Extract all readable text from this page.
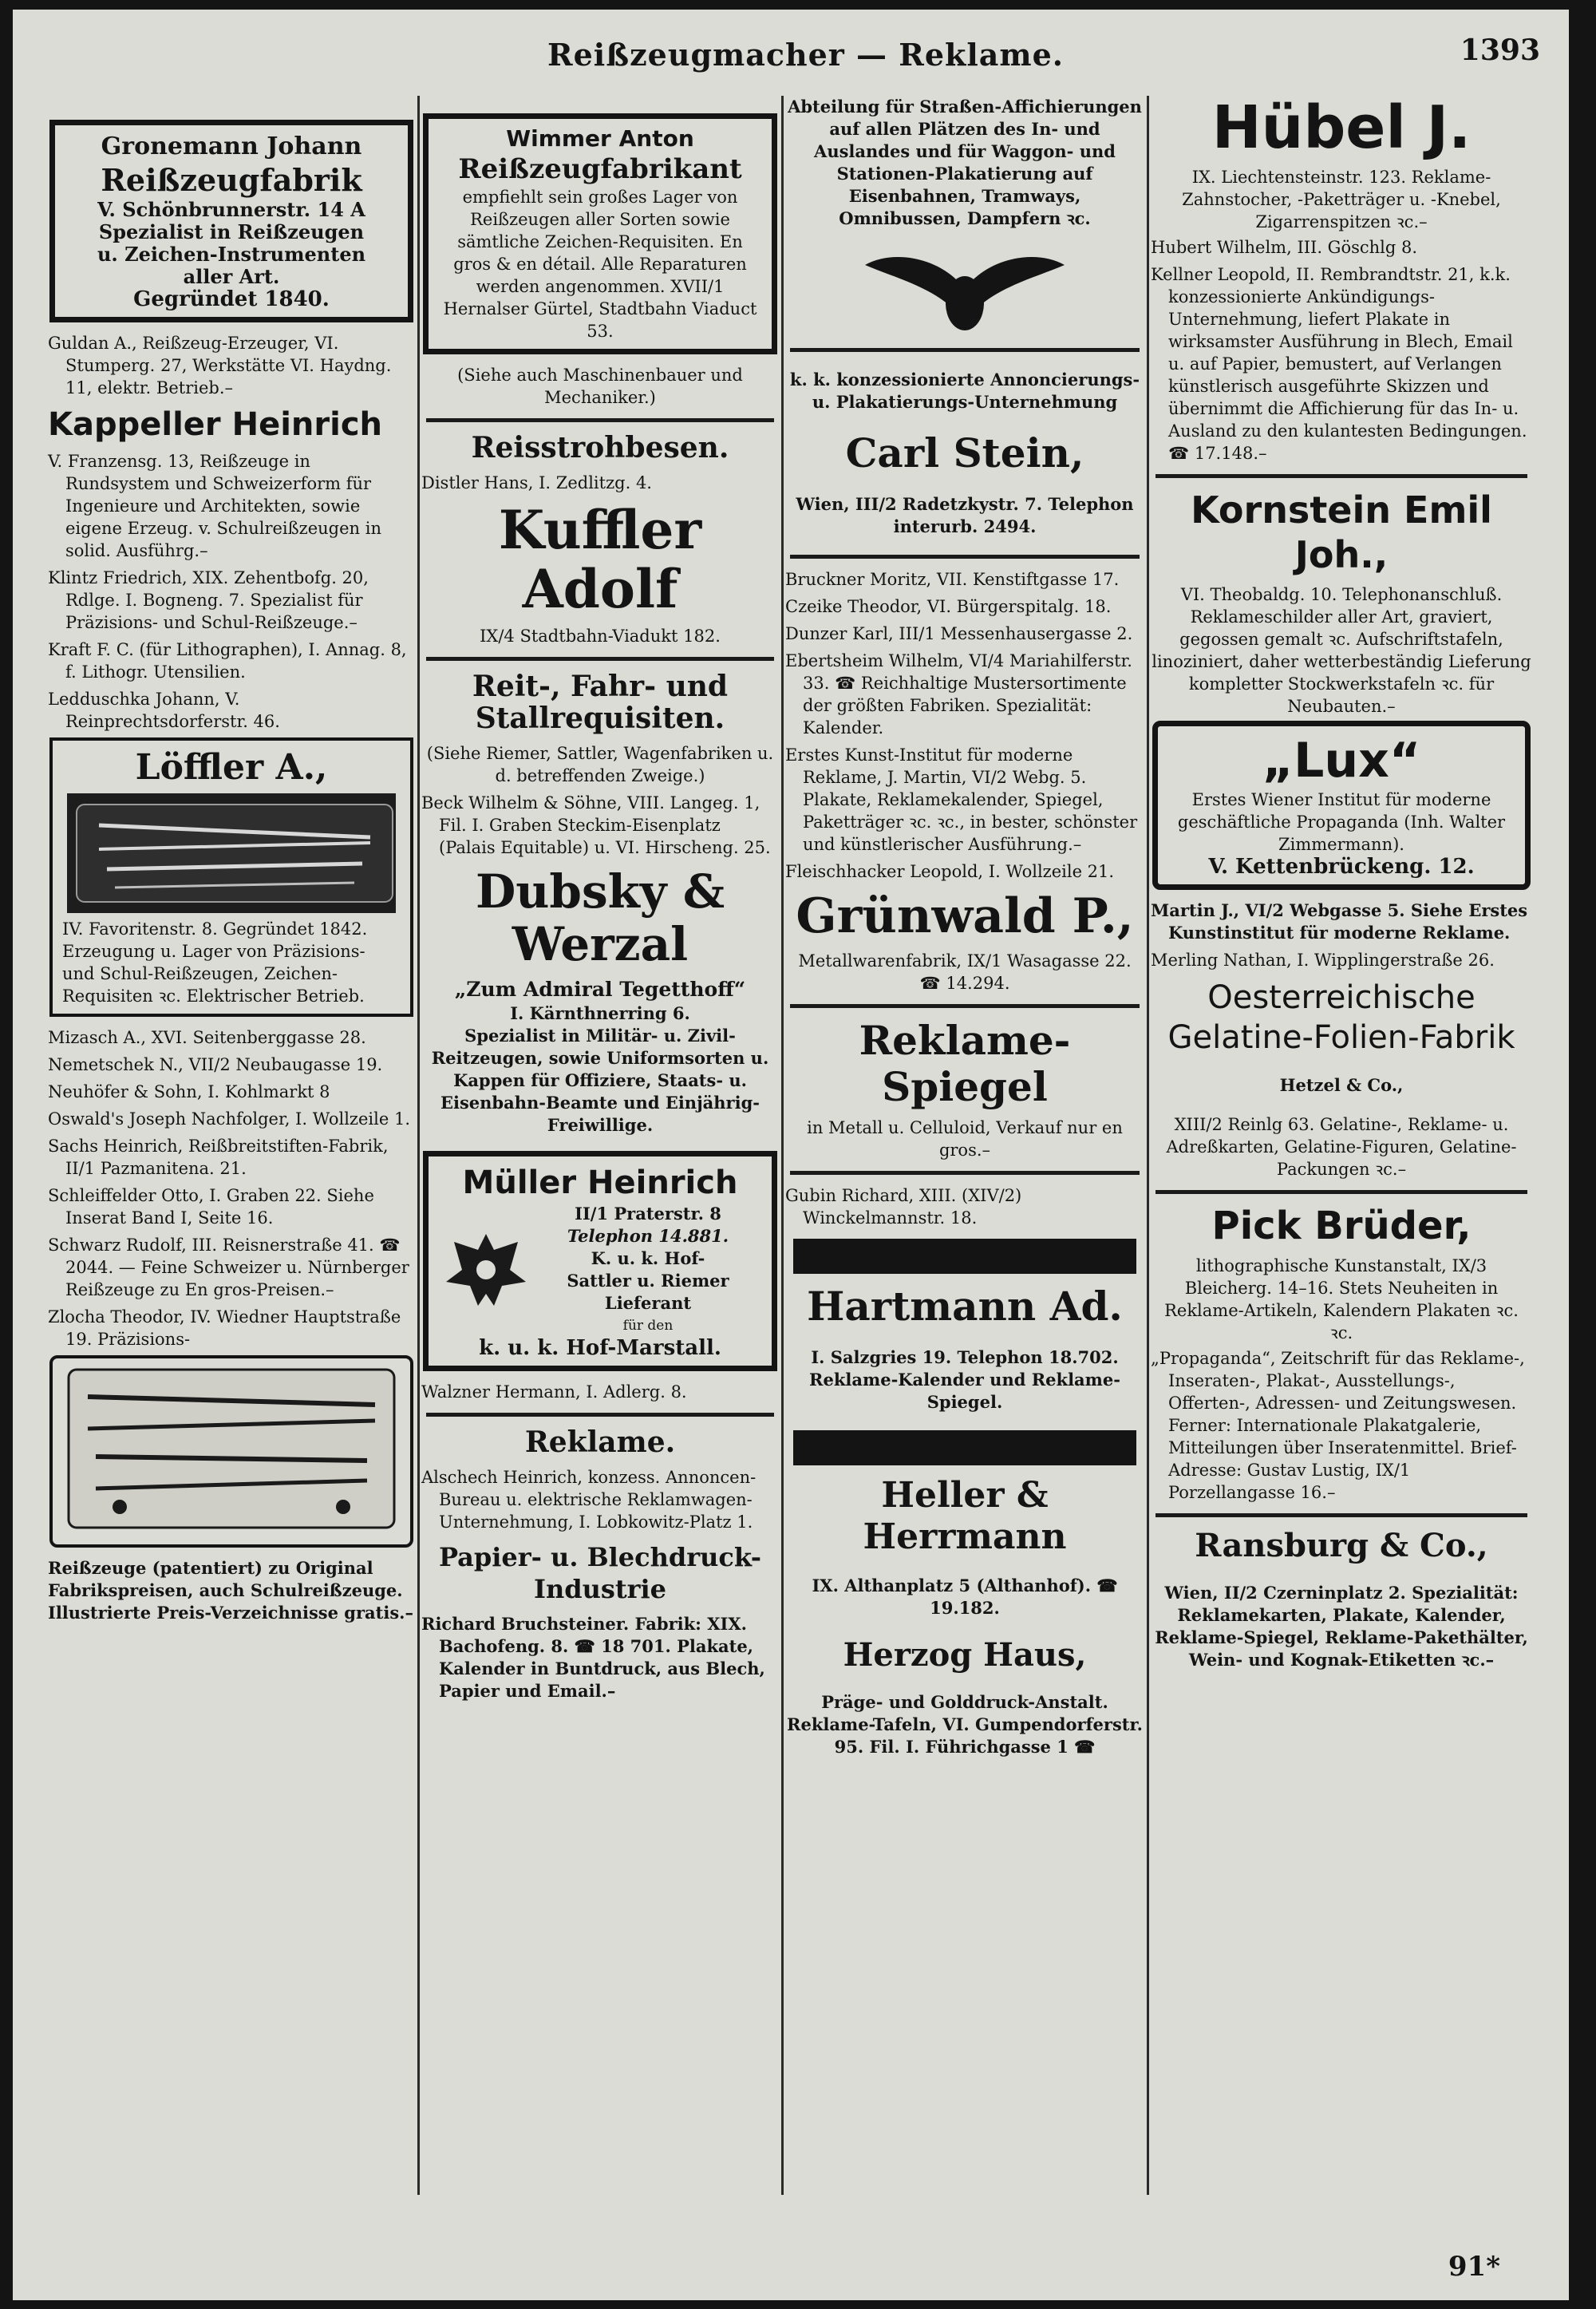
Reißzeugmacher — Reklame.	1393
Gronemann Johann
Reißzeugfabrik
V. Schönbrunnerstr. 14 A
Spezialist in Reißzeugen
u. Zeichen-Instrumenten
aller Art.
Gegründet 1840.

Guldan A., Reißzeug-Erzeuger, VI. Stumperg. 27, Werkstätte VI. Haydng. 11, elektr. Betrieb.–

Kappeller Heinrich

V. Franzensg. 13, Reißzeuge in Rundsystem und Schweizerform für Ingenieure und Architekten, sowie eigene Erzeug. v. Schulreißzeugen in solid. Ausführg.–

Klintz Friedrich, XIX. Zehentbofg. 20, Rdlge. I. Bogneng. 7. Spezialist für Präzisions- und Schul-Reißzeuge.–

Kraft F. C. (für Lithographen), I. Annag. 8, f. Lithogr. Utensilien.

Ledduschka Johann, V. Reinprechtsdorferstr. 46.

Löffler A.,
IV. Favoritenstr. 8. Gegründet 1842. Erzeugung u. Lager von Präzisions- und Schul-Reißzeugen, Zeichen-Requisiten ꝛc. Elektrischer Betrieb.

Mizasch A., XVI. Seitenberggasse 28.

Nemetschek N., VII/2 Neubaugasse 19.

Neuhöfer & Sohn, I. Kohlmarkt 8

Oswald's Joseph Nachfolger, I. Wollzeile 1.

Sachs Heinrich, Reißbreitstiften-Fabrik, II/1 Pazmanitena. 21.

Schleiffelder Otto, I. Graben 22. Siehe Inserat Band I, Seite 16.

Schwarz Rudolf, III. Reisnerstraße 41. ☎ 2044. — Feine Schweizer u. Nürnberger Reißzeuge zu En gros-Preisen.–

Zlocha Theodor, IV. Wiedner Hauptstraße 19. Präzisions-

Reißzeuge (patentiert) zu Original Fabrikspreisen, auch Schulreißzeuge. Illustrierte Preis-Verzeichnisse gratis.–

Wimmer Anton
Reißzeugfabrikant
empfiehlt sein großes Lager von Reißzeugen aller Sorten sowie sämtliche Zeichen-Requisiten. En gros & en détail. Alle Reparaturen werden angenommen. XVII/1 Hernalser Gürtel, Stadtbahn Viaduct 53.

(Siehe auch Maschinenbauer und Mechaniker.)

Reisstrohbesen.

Distler Hans, I. Zedlitzg. 4.

Kuffler Adolf

IX/4 Stadtbahn-Viadukt 182.

Reit-, Fahr- und Stallrequisiten.

(Siehe Riemer, Sattler, Wagenfabriken u. d. betreffenden Zweige.)

Beck Wilhelm & Söhne, VIII. Langeg. 1, Fil. I. Graben Steckim-Eisenplatz (Palais Equitable) u. VI. Hirscheng. 25.

Dubsky & Werzal
„Zum Admiral Tegetthoff“
I. Kärnthnerring 6.
Spezialist in Militär- u. Zivil-Reitzeugen, sowie Uniformsorten u. Kappen für Offiziere, Staats- u. Eisenbahn-Beamte und Einjährig-Freiwillige.
Müller Heinrich
II/1 Praterstr. 8
Telephon 14.881.
K. u. k. Hof-
Sattler u. Riemer
Lieferant
für den
k. u. k. Hof-Marstall.

Walzner Hermann, I. Adlerg. 8.

Reklame.

Alschech Heinrich, konzess. Annoncen-Bureau u. elektrische Reklamwagen-Unternehmung, I. Lobkowitz-Platz 1.

Papier- u. Blechdruck-Industrie

Richard Bruchsteiner. Fabrik: XIX. Bachofeng. 8. ☎ 18 701. Plakate, Kalender in Buntdruck, aus Blech, Papier und Email.–

Abteilung für Straßen-Affichierungen auf allen Plätzen des In- und Auslandes und für Waggon- und Stationen-Plakatierung auf Eisenbahnen, Tramways, Omnibussen, Dampfern ꝛc.

k. k. konzessionierte Annoncierungs- u. Plakatierungs-Unternehmung

Carl Stein,

Wien, III/2 Radetzkystr. 7. Telephon interurb. 2494.

Bruckner Moritz, VII. Kenstiftgasse 17.

Czeike Theodor, VI. Bürgerspitalg. 18.

Dunzer Karl, III/1 Messenhausergasse 2.

Ebertsheim Wilhelm, VI/4 Mariahilferstr. 33. ☎ Reichhaltige Mustersortimente der größten Fabriken. Spezialität: Kalender.

Erstes Kunst-Institut für moderne Reklame, J. Martin, VI/2 Webg. 5. Plakate, Reklamekalender, Spiegel, Paketträger ꝛc. ꝛc., in bester, schönster und künstlerischer Ausführung.–

Fleischhacker Leopold, I. Wollzeile 21.

Grünwald P.,

Metallwarenfabrik, IX/1 Wasagasse 22. ☎ 14.294.

Reklame-Spiegel

in Metall u. Celluloid, Verkauf nur en gros.–

Gubin Richard, XIII. (XIV/2) Winckelmannstr. 18.

Hartmann Ad.

I. Salzgries 19. Telephon 18.702. Reklame-Kalender und Reklame-Spiegel.

Heller & Herrmann

IX. Althanplatz 5 (Althanhof). ☎ 19.182.

Herzog Haus,

Präge- und Golddruck-Anstalt. Reklame-Tafeln, VI. Gumpendorferstr. 95. Fil. I. Führichgasse 1 ☎

Hübel J.

IX. Liechtensteinstr. 123. Reklame-Zahnstocher, -Paketträger u. -Knebel, Zigarrenspitzen ꝛc.–

Hubert Wilhelm, III. Göschlg 8.

Kellner Leopold, II. Rembrandtstr. 21, k.k. konzessionierte Ankündigungs-Unternehmung, liefert Plakate in wirksamster Ausführung in Blech, Email u. auf Papier, bemustert, auf Verlangen künstlerisch ausgeführte Skizzen und übernimmt die Affichierung für das In- u. Ausland zu den kulantesten Bedingungen. ☎ 17.148.–

Kornstein Emil Joh.,

VI. Theobaldg. 10. Telephonanschluß. Reklameschilder aller Art, graviert, gegossen gemalt ꝛc. Aufschriftstafeln, linoziniert, daher wetterbeständig Lieferung kompletter Stockwerkstafeln ꝛc. für Neubauten.–

„Lux“
Erstes Wiener Institut für moderne geschäftliche Propaganda (Inh. Walter Zimmermann).
V. Kettenbrückeng. 12.

Martin J., VI/2 Webgasse 5. Siehe Erstes Kunstinstitut für moderne Reklame.

Merling Nathan, I. Wipplingerstraße 26.

Oesterreichische Gelatine-Folien-Fabrik

Hetzel & Co.,

XIII/2 Reinlg 63. Gelatine-, Reklame- u. Adreßkarten, Gelatine-Figuren, Gelatine-Packungen ꝛc.–

Pick Brüder,

lithographische Kunstanstalt, IX/3 Bleicherg. 14–16. Stets Neuheiten in Reklame-Artikeln, Kalendern Plakaten ꝛc. ꝛc.

„Propaganda“, Zeitschrift für das Reklame-, Inseraten-, Plakat-, Ausstellungs-, Offerten-, Adressen- und Zeitungswesen. Ferner: Internationale Plakatgalerie, Mitteilungen über Inseratenmittel. Brief-Adresse: Gustav Lustig, IX/1 Porzellangasse 16.–

Ransburg & Co.,

Wien, II/2 Czerninplatz 2. Spezialität: Reklamekarten, Plakate, Kalender, Reklame-Spiegel, Reklame-Pakethälter, Wein- und Kognak-Etiketten ꝛc.–

91*
